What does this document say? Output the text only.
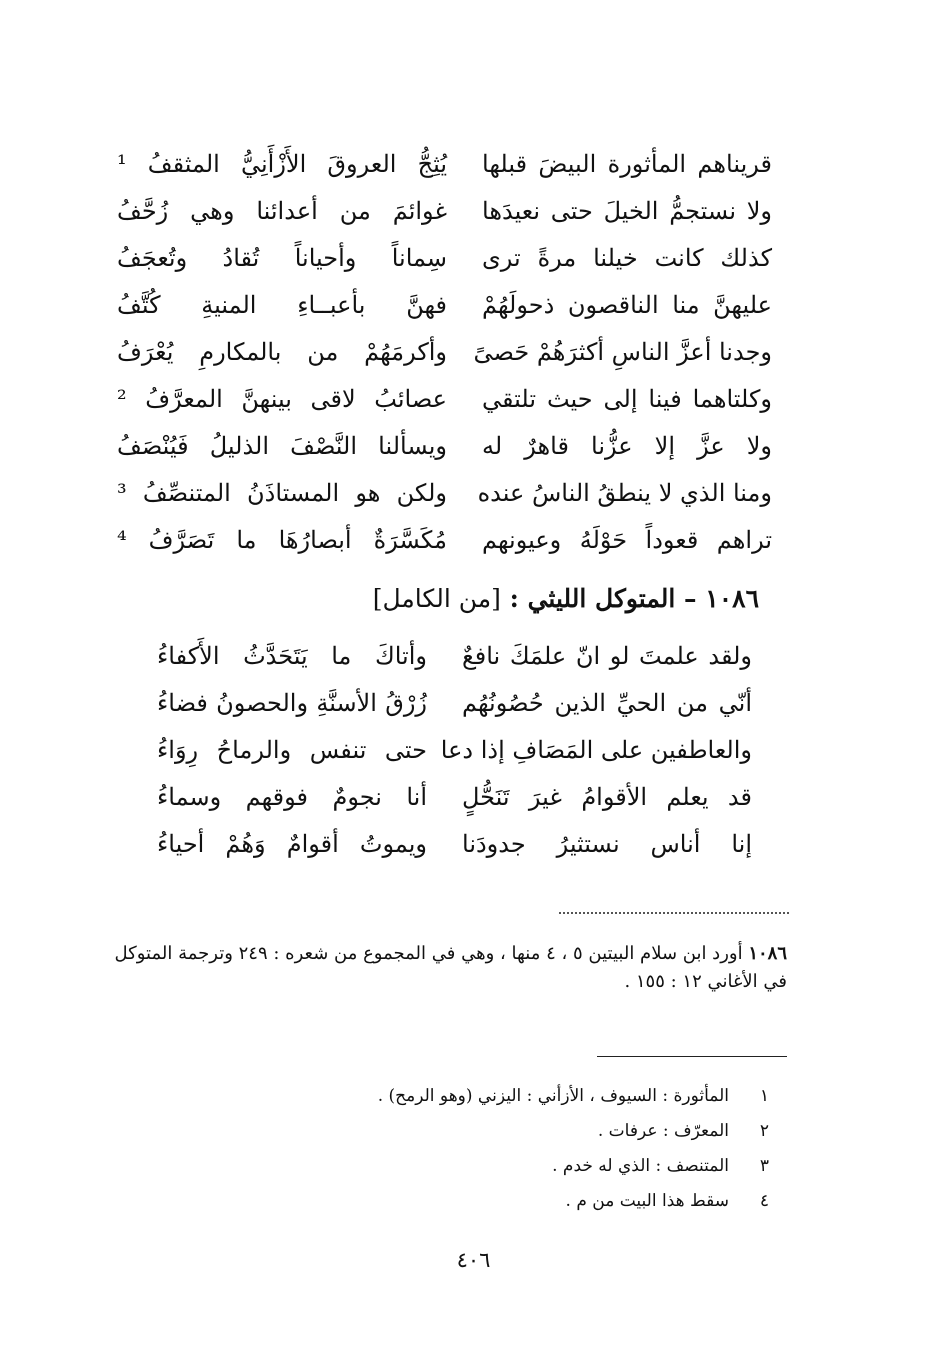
قريناهم المأثورة البيضَ قبلها
يُثِجُّ العروقَ الأَزْأَنِيُّ المثقفُ ¹
ولا نستجمُّ الخيلَ حتى نعيدَها
غوائمَ من أعدائنا وهي زُحَّفُ
كذلك كانت خيلنا مرةً ترى
سِماناً وأحياناً تُقادُ وتُعجَفُ
عليهنَّ منا الناقصون ذحولَهُمْ
فهنَّ بأعبــاءِ المنيةِ كُتَّفُ
وجدنا أعزَّ الناسِ أكثرَهُمْ حَصىً
وأكرمَهُمْ من بالمكارمِ يُعْرَفُ
وكلتاهما فينا إلى حيث تلتقي
عصائبُ لاقى بينهنَّ المعرَّفُ ²
ولا عزَّ إلا عزُّنا قاهرٌ له
ويسألنا النَّصْفَ الذليلُ فَيُنْصَفُ
ومنا الذي لا ينطقُ الناسُ عنده
ولكن هو المستاذَنُ المتنصِّفُ ³
تراهم قعوداً حَوْلَهُ وعيونهم
مُكَسَّرَةٌ أبصارُهَا ما تَصَرَّفُ ⁴
١٠٨٦ – المتوكل الليثي : [من الكامل]
ولقد علمتَ لو انّ علمَكَ نافعٌ
وأتاكَ ما يَتَحَدَّثُ الأَكفاءُ
أنّي من الحيِّ الذين حُصُونُهُم
زُرْقُ الأسنَّةِ والحصونُ فضاءُ
والعاطفين على المَصَافِ إذا دعا
حتى تنفس والرماحُ رِوَاءُ
قد يعلم الأقوامُ غيرَ تَنَحُّلٍ
أنا نجومٌ فوقهم وسماءُ
إنا أناس نستثيرُ جدودَنا
ويموتُ أقوامٌ وَهُمْ أحياءُ
١٠٨٦ أورد ابن سلام البيتين ٥ ، ٤ منها ، وهي في المجموع من شعره : ٢٤٩ وترجمة المتوكل في الأغاني ١٢ : ١٥٥ .
١
المأثورة : السيوف ، الأزأني : اليزني (وهو الرمح) .
٢
المعرّف : عرفات .
٣
المتنصف : الذي له خدم .
٤
سقط هذا البيت من م .
٤٠٦
